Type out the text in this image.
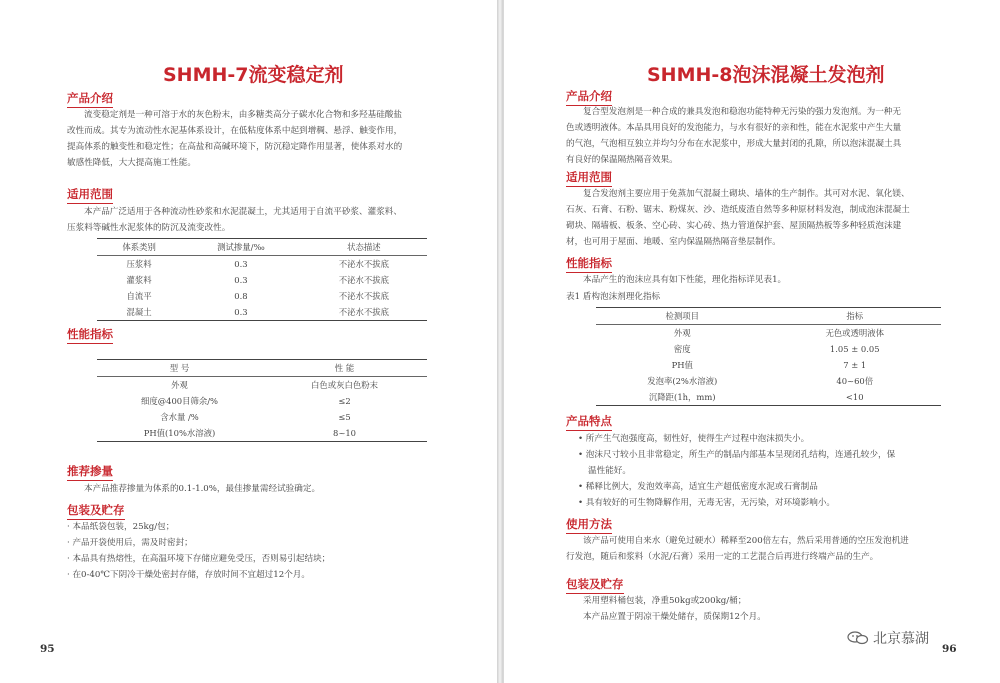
SHMH-7流变稳定剂
产品介绍
流变稳定剂是一种可溶于水的灰色粉末，由多糖类高分子碳水化合物和多羟基硅酸盐
改性而成。其专为流动性水泥基体系设计，在低粘度体系中起到增稠、悬浮、触变作用，
提高体系的触变性和稳定性；在高盐和高碱环境下，防沉稳定降作用显著，使体系对水的
敏感性降低，大大提高施工性能。
适用范围
本产品广泛适用于各种流动性砂浆和水泥混凝土，尤其适用于自流平砂浆、灌浆料、
压浆料等碱性水泥浆体的防沉及流变改性。
体系类别	测试掺量/‰	状态描述
压浆料	0.3	不泌水不拔底
灌浆料	0.3	不泌水不拔底
自流平	0.8	不泌水不拔底
混凝土	0.3	不泌水不拔底
性能指标
型 号	性 能
外观	白色或灰白色粉末
细度@400目筛余/%	≤2
含水量 /%	≤5
PH值(10%水溶液)	8~10
推荐掺量
本产品推荐掺量为体系的0.1-1.0%，最佳掺量需经试验确定。
包装及贮存
· 本品纸袋包装，25kg/包；
· 产品开袋使用后，需及时密封；
· 本品具有热熔性，在高温环境下存储应避免受压，否则易引起结块；
· 在0-40℃下阴冷干燥处密封存储，存放时间不宜超过12个月。
95
SHMH-8泡沫混凝土发泡剂
产品介绍
复合型发泡剂是一种合成的兼具发泡和稳泡功能特种无污染的强力发泡剂。为一种无
色或透明液体。本品具用良好的发泡能力，与水有很好的亲和性，能在水泥浆中产生大量
的气泡，气泡相互独立并均匀分布在水泥浆中，形成大量封闭的孔隙，所以泡沫混凝土具
有良好的保温隔热隔音效果。
适用范围
复合发泡剂主要应用于免蒸加气混凝土砌块、墙体的生产制作。其可对水泥、氧化镁、
石灰、石膏、石粉、锯末、粉煤灰、沙、造纸废渣自然等多种原材料发泡，制成泡沫混凝土
砌块、隔墙板、板条、空心砖、实心砖、热力管道保护套、屋顶隔热板等多种轻质泡沫建
材，也可用于屋面、地暖、室内保温隔热隔音垫层制作。
性能指标
本品产生的泡沫应具有如下性能，理化指标详见表1。
表1 盾构泡沫剂理化指标
检测项目	指标
外观	无色或透明液体
密度	1.05 ± 0.05
PH值	7 ± 1
发泡率(2%水溶液)	40~60倍
沉降距(1h，mm)	<10
产品特点
• 所产生气泡强度高，韧性好，使得生产过程中泡沫损失小。
• 泡沫尺寸较小且非常稳定，所生产的制品内部基本呈现闭孔结构，连通孔较少，保
温性能好。
• 稀释比例大，发泡效率高，适宜生产超低密度水泥或石膏制品
• 具有较好的可生物降解作用，无毒无害，无污染，对环境影响小。
使用方法
该产品可使用自来水（避免过硬水）稀释至200倍左右，然后采用普通的空压发泡机进
行发泡，随后和浆料（水泥/石膏）采用一定的工艺混合后再进行终端产品的生产。
包装及贮存
采用塑料桶包装，净重50kg或200kg/桶；
本产品应置于阴凉干燥处储存，质保期12个月。
北京慕湖
96
